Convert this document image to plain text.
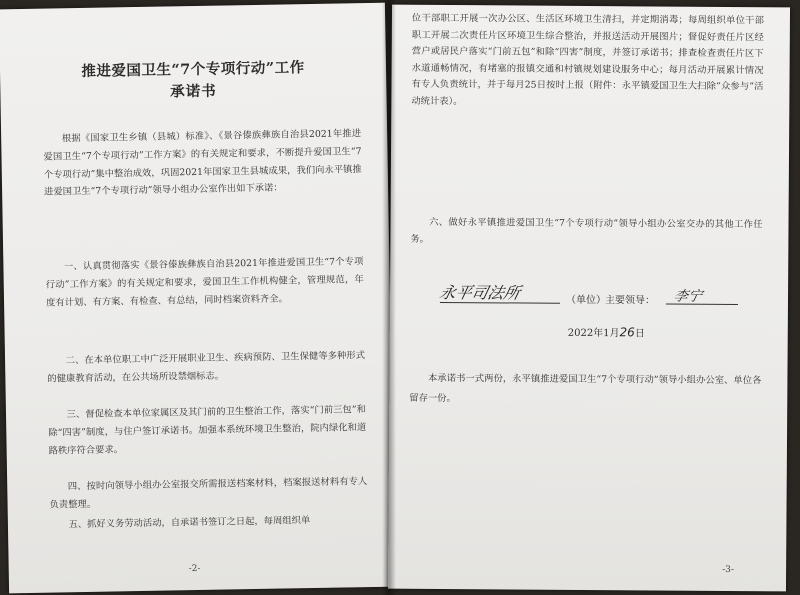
推进爱国卫生“7个专项行动”工作
承诺书
根据《国家卫生乡镇（县城）标准》、《景谷傣族彝族自治县2021年推进爱国卫生“7个专项行动”工作方案》的有关规定和要求，不断提升爱国卫生“7个专项行动”集中整治成效，巩固2021年国家卫生县城成果，我们向永平镇推进爱国卫生“7个专项行动”领导小组办公室作出如下承诺：
一、认真贯彻落实《景谷傣族彝族自治县2021年推进爱国卫生“7个专项行动”工作方案》的有关规定和要求，爱国卫生工作机构健全，管理规范，年度有计划、有方案、有检查、有总结，同时档案资料齐全。
二、在本单位职工中广泛开展职业卫生、疾病预防、卫生保健等多种形式的健康教育活动，在公共场所设禁烟标志。
三、督促检查本单位家属区及其门前的卫生整治工作，落实“门前三包”和除“四害”制度，与住户签订承诺书。加强本系统环境卫生整治，院内绿化和道路秩序符合要求。
四、按时向领导小组办公室报交所需报送档案材料，档案报送材料有专人负责整理。
五、抓好义务劳动活动，自承诺书签订之日起，每周组织单
-2-
位干部职工开展一次办公区、生活区环境卫生清扫，并定期消毒；每周组织单位干部职工开展二次责任片区环境卫生综合整治，并报送活动开展图片；督促好责任片区经营户或居民户落实“门前五包”和除“四害”制度，并签订承诺书；排查检查责任片区下水道通畅情况，有堵塞的报镇交通和村镇规划建设服务中心；每月活动开展累计情况有专人负责统计，并于每月25日按时上报（附件：永平镇爱国卫生大扫除“众参与”活动统计表）。
六、做好永平镇推进爱国卫生“7个专项行动”领导小组办公室交办的其他工作任务。
永平司法所	（单位）
主要领导： 李宁
2022年1月26日
本承诺书一式两份，永平镇推进爱国卫生“7个专项行动”领导小组办公室、单位各留存一份。
-3-
